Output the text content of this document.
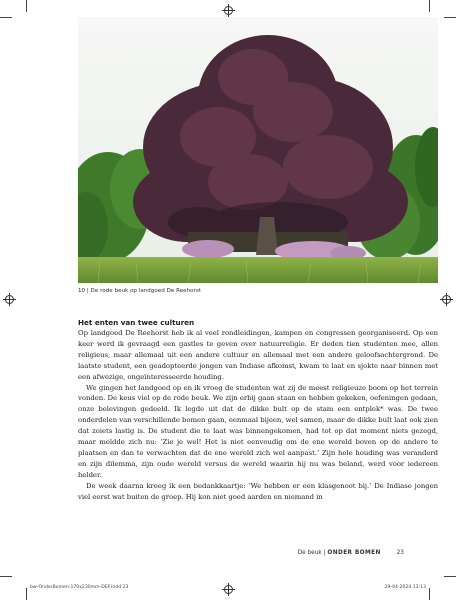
10 | De rode beuk op landgoed De Reehorst
Het enten van twee culturen

Op landgoed De Reehorst heb ik al veel rondleidingen, kampen en congressen georganiseerd. Op een keer werd ik gevraagd een gastles te geven over natuurreligie. Er deden tien studenten mee, allen religieus, maar allemaal uit een andere cultuur en allemaal met een andere geloofsachtergrond. De laatste student, een geadopteerde jongen van Indiase afkomst, kwam te laat en sjokte naar binnen met een afwezige, ongeïnteresseerde houding.

We gingen het landgoed op en ik vroeg de studenten wat zij de meest religieuze boom op het terrein vonden. De keus viel op de rode beuk. We zijn erbij gaan staan en hebben gekeken, oefeningen gedaan, onze belevingen gedeeld. Ik legde uit dat de dikke bult op de stam een entplek* was. De twee onderdelen van verschillende bomen gaan, eenmaal bijeen, wel samen, maar de dikke bult laat ook zien dat zoiets lastig is. De student die te laat was binnengekomen, had tot op dat moment niets gezegd, maar meldde zich nu: ‘Zie je wel! Het is niet eenvoudig om de ene wereld boven op de andere te plaatsen en dan te verwachten dat de ene wereld zich wel aanpast.’ Zijn hele houding was veranderd en zijn dilemma, zijn oude wereld versus de wereld waarin hij nu was beland, werd voor iedereen helder.

De week daarna kreeg ik een bedankkaartje: ‘We hebben er een klasgenoot bij.’ De Indiase jongen viel eerst wat buiten de groep. Hij kon niet goed aarden en niemand in

De beuk | ONDER BOMEN	23
bw-OnderBomen-170x230mm-DEF.indd 23	29-04-2024 13:13
